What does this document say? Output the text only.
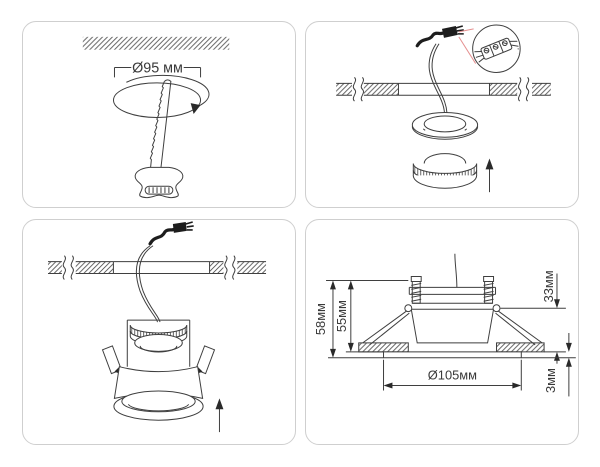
Ø95 мм
58мм 55мм
33мм
3мм
Ø105мм
